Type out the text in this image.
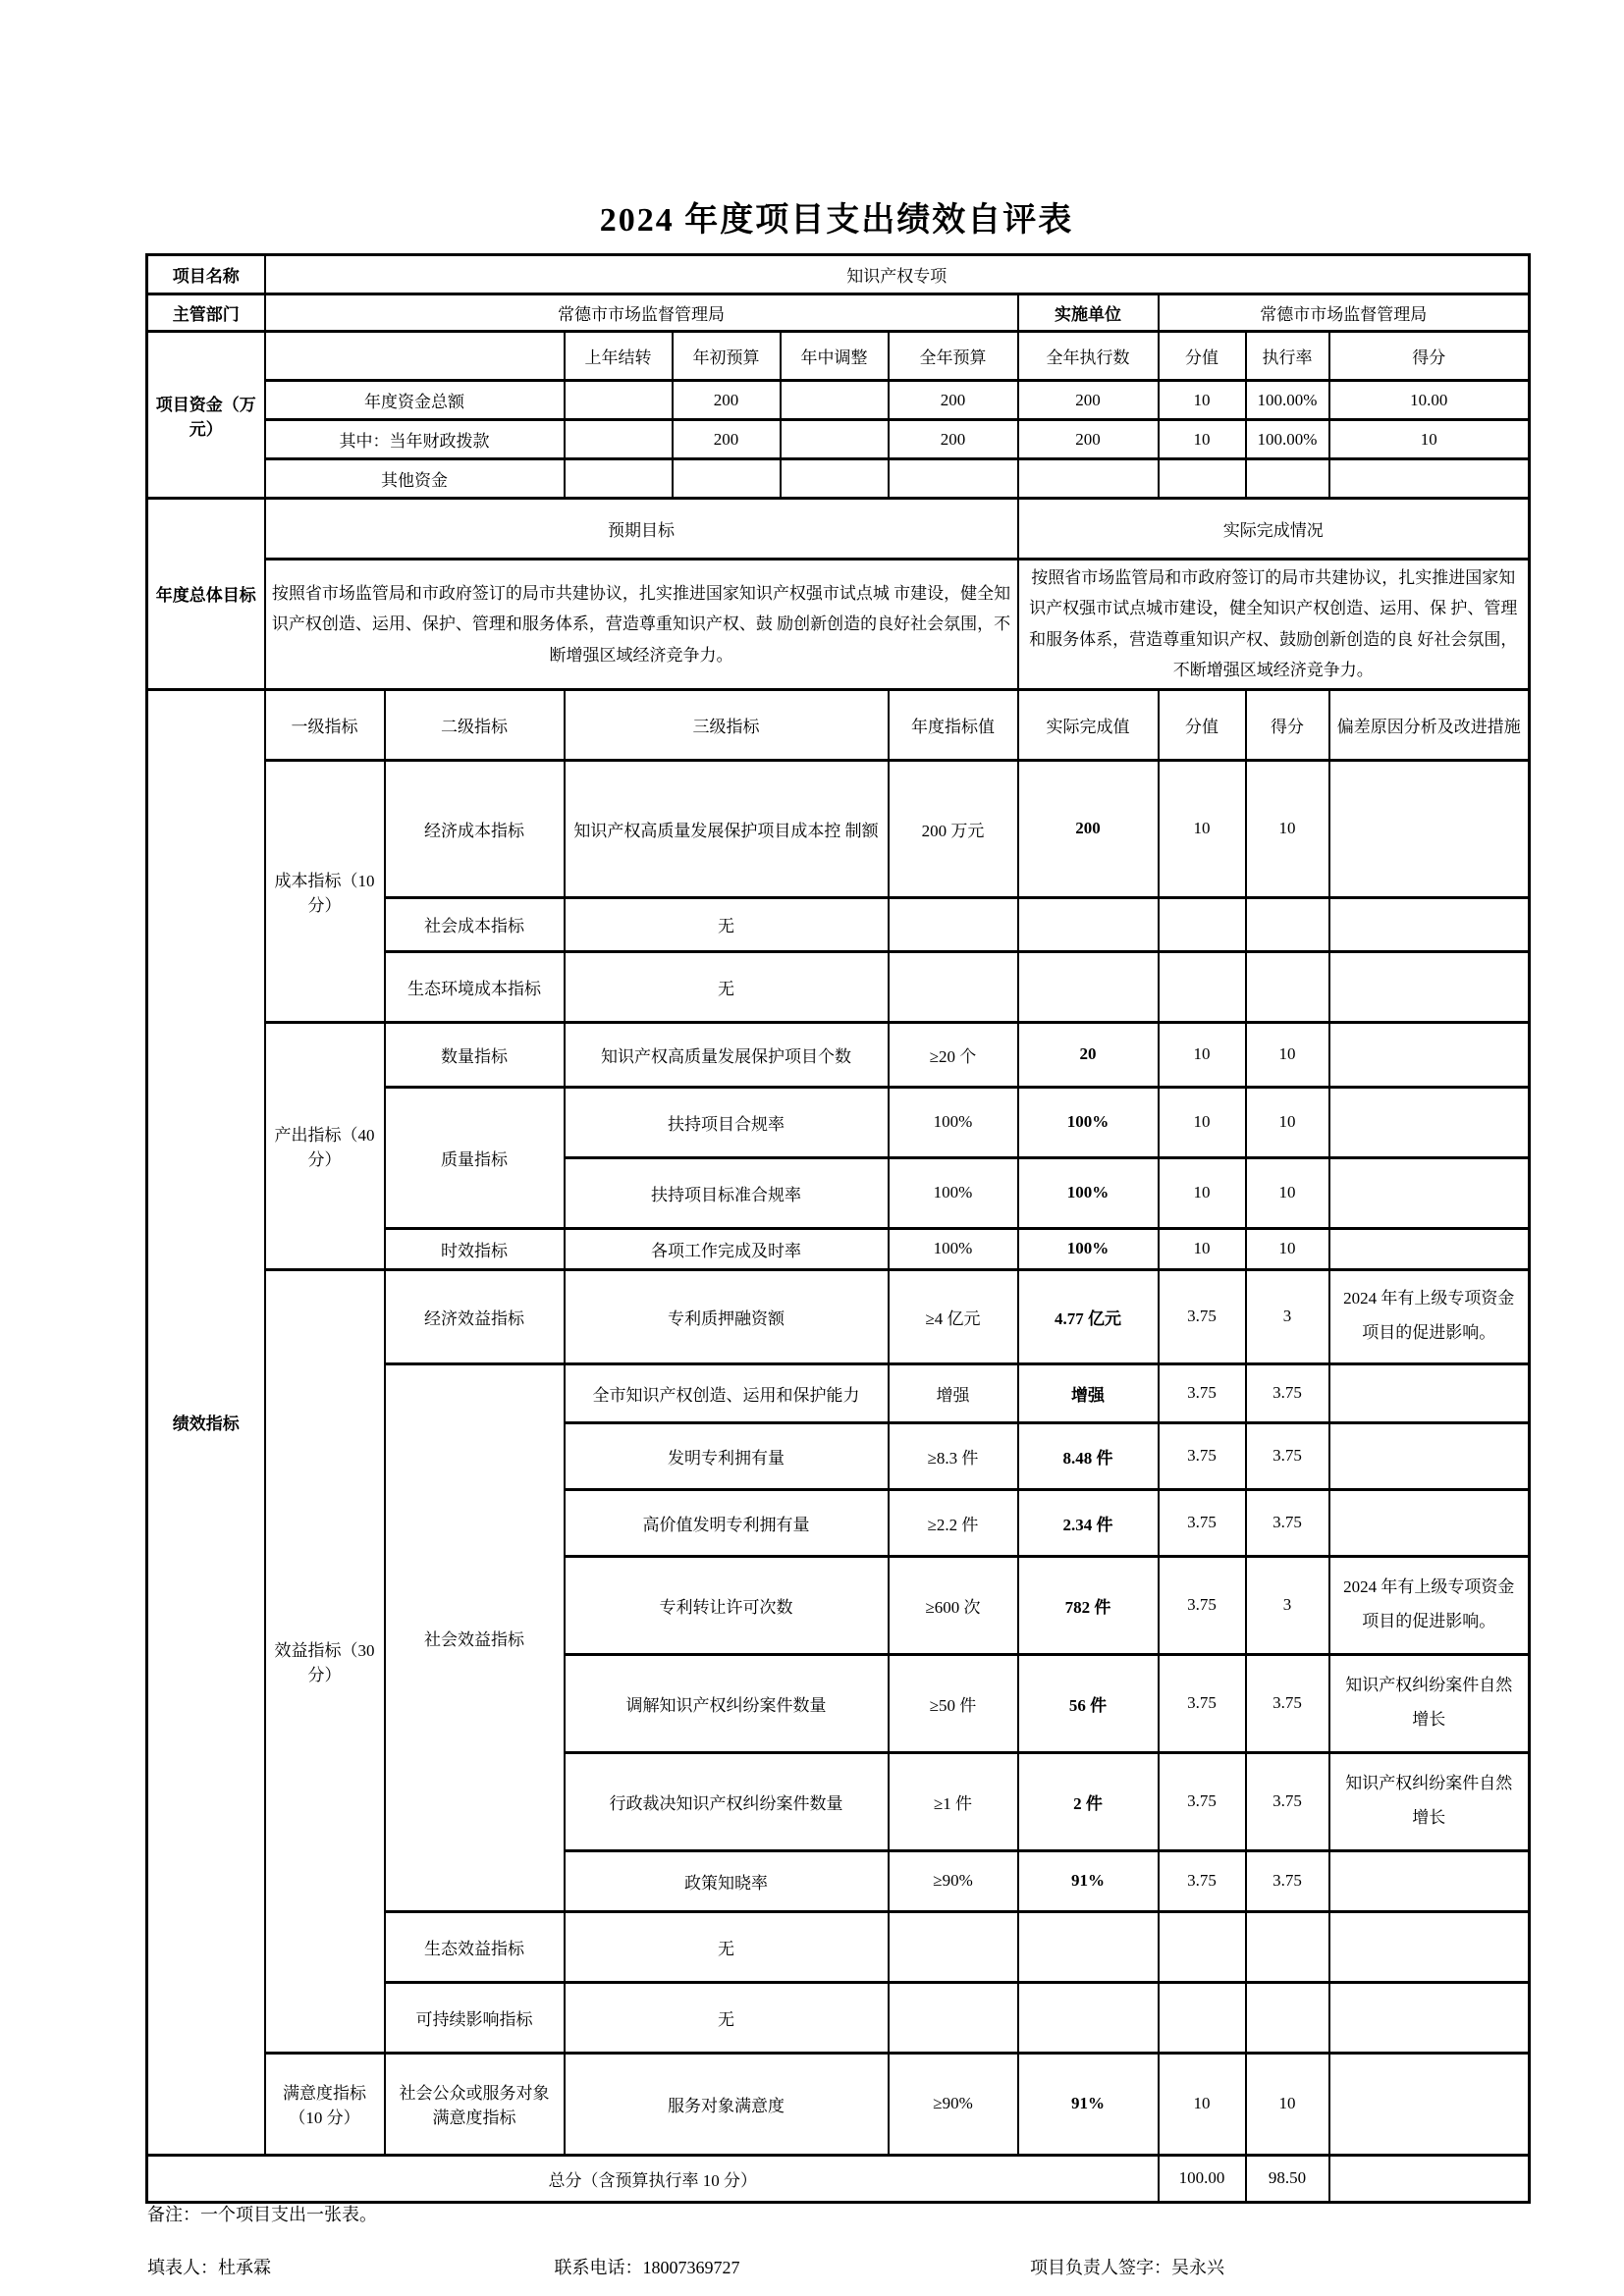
2024 年度项目支出绩效自评表
项目名称	知识产权专项									
主管部门	常德市市场监督管理局						实施单位	常德市市场监督管理局		
项目资金（万元）			上年结转	年初预算	年中调整	全年预算	全年执行数	分值	执行率	得分
	年度资金总额			200		200	200	10	100.00%	10.00
	其中：当年财政拨款			200		200	200	10	100.00%	10
	其他资金									
年度总体目标	预期目标						实际完成情况			
	按照省市场监管局和市政府签订的局市共建协议，扎实推进国家知识产权强市试点城 市建设，健全知识产权创造、运用、保护、管理和服务体系，营造尊重知识产权、鼓 励创新创造的良好社会氛围，不断增强区域经济竞争力。						按照省市场监管局和市政府签订的局市共建协议，扎实推进国家知识产权强市试点城市建设，健全知识产权创造、运用、保 护、管理和服务体系，营造尊重知识产权、鼓励创新创造的良 好社会氛围，不断增强区域经济竞争力。			
绩效指标	一级指标	二级指标	三级指标			年度指标值	实际完成值	分值	得分	偏差原因分析及改进措施
	成本指标（10 分）	经济成本指标	知识产权高质量发展保护项目成本控 制额			200 万元	200	10	10	
		社会成本指标	无							
		生态环境成本指标	无							
	产出指标（40 分）	数量指标	知识产权高质量发展保护项目个数			≥20 个	20	10	10	
		质量指标	扶持项目合规率			100%	100%	10	10	
			扶持项目标准合规率			100%	100%	10	10	
		时效指标	各项工作完成及时率			100%	100%	10	10	
	效益指标（30 分）	经济效益指标	专利质押融资额			≥4 亿元	4.77 亿元	3.75	3	2024 年有上级专项资金 项目的促进影响。
		社会效益指标	全市知识产权创造、运用和保护能力			增强	增强	3.75	3.75	
			发明专利拥有量			≥8.3 件	8.48 件	3.75	3.75	
			高价值发明专利拥有量			≥2.2 件	2.34 件	3.75	3.75	
			专利转让许可次数			≥600 次	782 件	3.75	3	2024 年有上级专项资金 项目的促进影响。
			调解知识产权纠纷案件数量			≥50 件	56 件	3.75	3.75	知识产权纠纷案件自然 增长
			行政裁决知识产权纠纷案件数量			≥1 件	2 件	3.75	3.75	知识产权纠纷案件自然 增长
			政策知晓率			≥90%	91%	3.75	3.75	
		生态效益指标	无							
		可持续影响指标	无							
	满意度指标（10 分）	社会公众或服务对象满意度指标	服务对象满意度			≥90%	91%	10	10	
总分（含预算执行率 10 分）								100.00	98.50	
备注：一个项目支出一张表。
填表人：杜承霖	联系电话：18007369727	项目负责人签字：吴永兴
